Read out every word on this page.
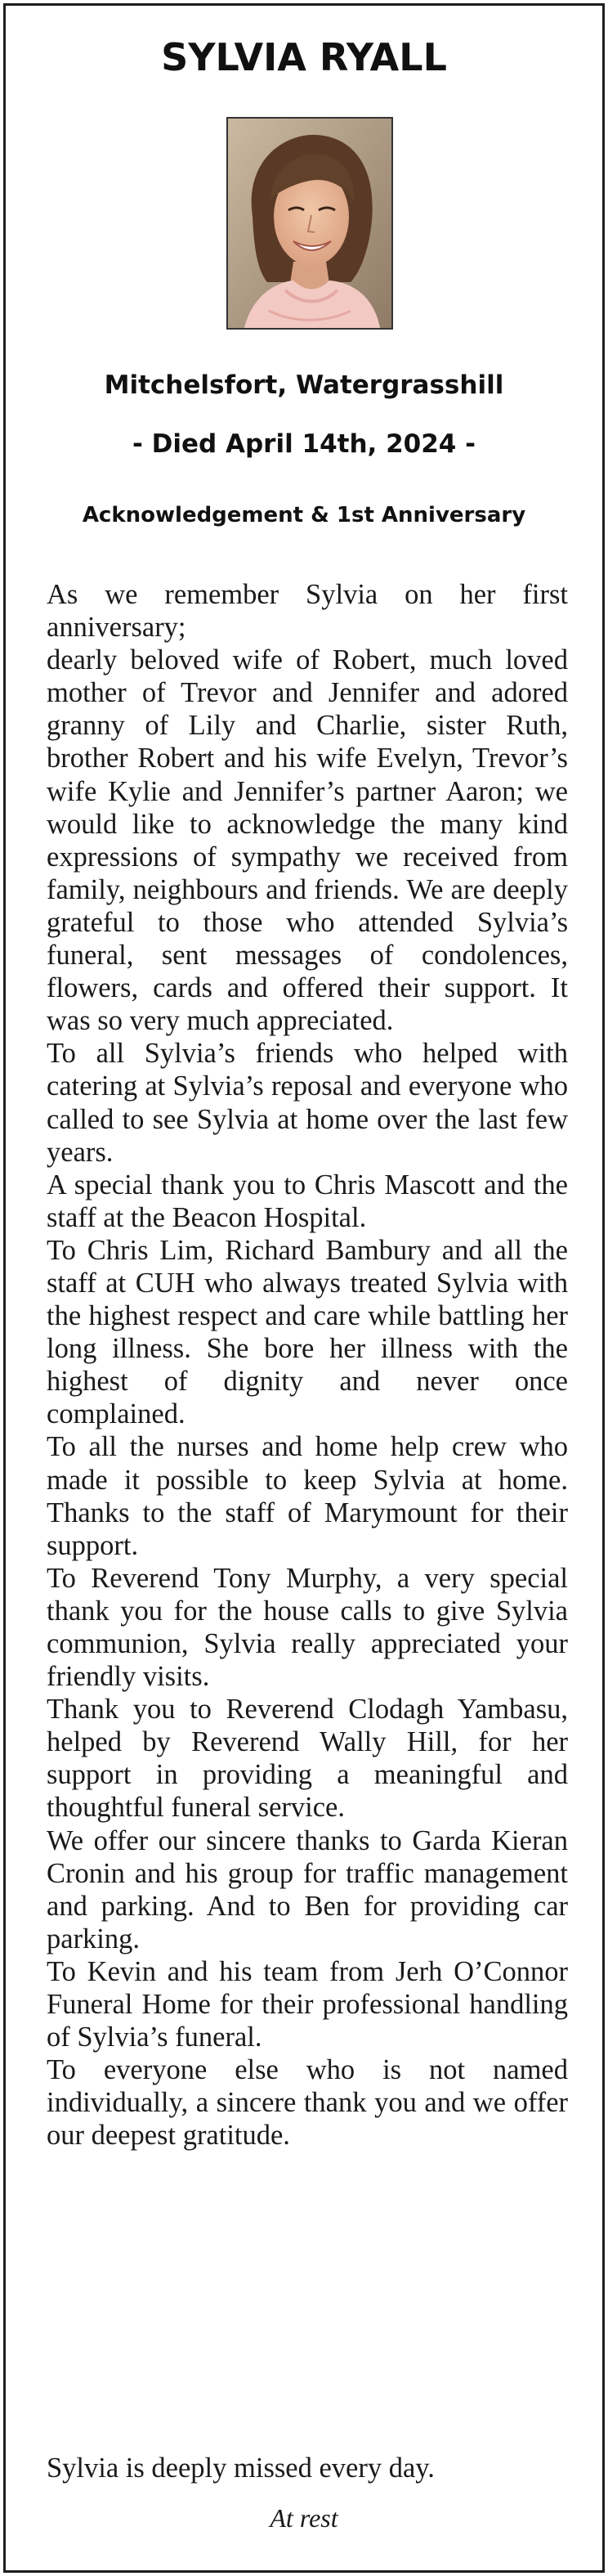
SYLVIA RYALL
Mitchelsfort, Watergrasshill
- Died April 14th, 2024 -
Acknowledgement & 1st Anniversary

As we remember Sylvia on her first anniversary;

dearly beloved wife of Robert, much loved mother of Trevor and Jennifer and adored granny of Lily and Charlie, sister Ruth, brother Robert and his wife Evelyn, Trevor’s wife Kylie and Jennifer’s partner Aaron; we would like to acknowledge the many kind expressions of sympathy we received from family, neighbours and friends. We are deeply grateful to those who attended Sylvia’s funeral, sent messages of condolences, flowers, cards and offered their support. It was so very much appreciated.

To all Sylvia’s friends who helped with catering at Sylvia’s reposal and everyone who called to see Sylvia at home over the last few years.

A special thank you to Chris Mascott and the staff at the Beacon Hospital.

To Chris Lim, Richard Bambury and all the staff at CUH who always treated Sylvia with the highest respect and care while battling her long illness. She bore her illness with the highest of dignity and never once complained.

To all the nurses and home help crew who made it possible to keep Sylvia at home. Thanks to the staff of Marymount for their support.

To Reverend Tony Murphy, a very special thank you for the house calls to give Sylvia communion, Sylvia really appreciated your friendly visits.

Thank you to Reverend Clodagh Yambasu, helped by Reverend Wally Hill, for her support in providing a meaningful and thoughtful funeral service.

We offer our sincere thanks to Garda Kieran Cronin and his group for traffic management and parking. And to Ben for providing car parking.

To Kevin and his team from Jerh O’Connor Funeral Home for their professional handling of Sylvia’s funeral.

To everyone else who is not named individually, a sincere thank you and we offer our deepest gratitude.

Sylvia is deeply missed every day.
At rest
